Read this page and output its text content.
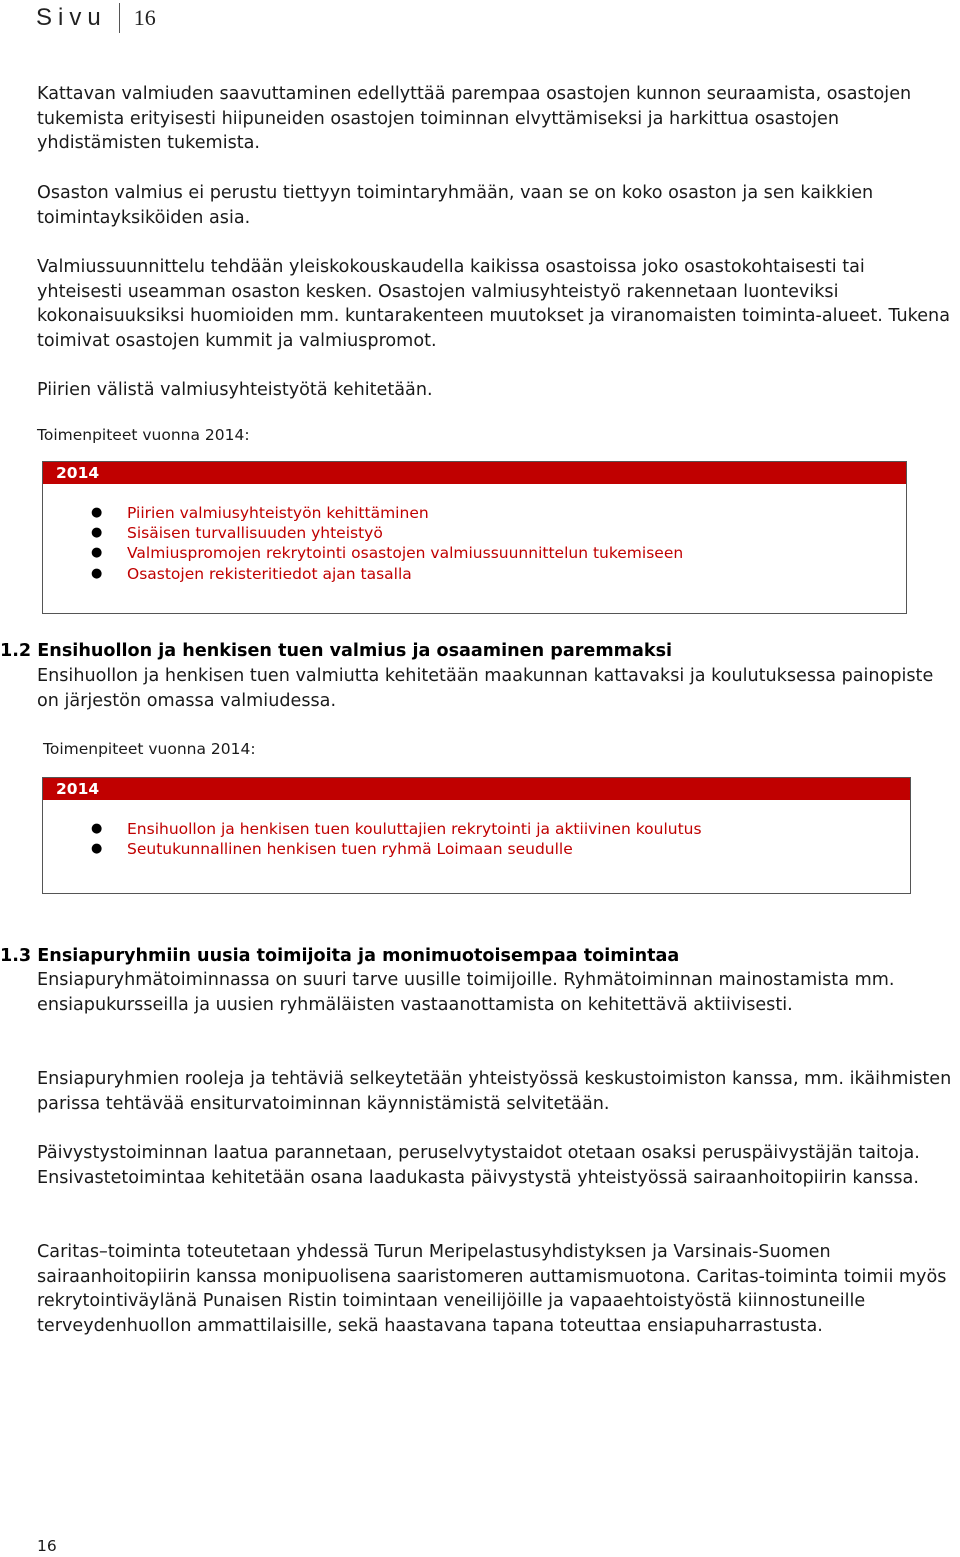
Sivu 16

Kattavan valmiuden saavuttaminen edellyttää parempaa osastojen kunnon seuraamista, osastojen tukemista erityisesti hiipuneiden osastojen toiminnan elvyttämiseksi ja harkittua osastojen yhdistämisten tukemista.

Osaston valmius ei perustu tiettyyn toimintaryhmään, vaan se on koko osaston ja sen kaikkien toimintayksiköiden asia.

Valmiussuunnittelu tehdään yleiskokouskaudella kaikissa osastoissa joko osastokohtaisesti tai yhteisesti useamman osaston kesken. Osastojen valmiusyhteistyö rakennetaan luonteviksi kokonaisuuksiksi huomioiden mm. kuntarakenteen muutokset ja viranomaisten toiminta-alueet. Tukena toimivat osastojen kummit ja valmiuspromot.

Piirien välistä valmiusyhteistyötä kehitetään.

Toimenpiteet vuonna 2014:

2014
● Piirien valmiusyhteistyön kehittäminen
● Sisäisen turvallisuuden yhteistyö
● Valmiuspromojen rekrytointi osastojen valmiussuunnittelun tukemiseen
● Osastojen rekisteritiedot ajan tasalla
1.2 Ensihuollon ja henkisen tuen valmius ja osaaminen paremmaksi

Ensihuollon ja henkisen tuen valmiutta kehitetään maakunnan kattavaksi ja koulutuksessa painopiste on järjestön omassa valmiudessa.

Toimenpiteet vuonna 2014:

2014
● Ensihuollon ja henkisen tuen kouluttajien rekrytointi ja aktiivinen koulutus
● Seutukunnallinen henkisen tuen ryhmä Loimaan seudulle
1.3 Ensiapuryhmiin uusia toimijoita ja monimuotoisempaa toimintaa

Ensiapuryhmätoiminnassa on suuri tarve uusille toimijoille. Ryhmätoiminnan mainostamista mm. ensiapukursseilla ja uusien ryhmäläisten vastaanottamista on kehitettävä aktiivisesti.

Ensiapuryhmien rooleja ja tehtäviä selkeytetään yhteistyössä keskustoimiston kanssa, mm. ikäihmisten parissa tehtävää ensiturvatoiminnan käynnistämistä selvitetään.

Päivystystoiminnan laatua parannetaan, peruselvytystaidot otetaan osaksi peruspäivystäjän taitoja. Ensivastetoimintaa kehitetään osana laadukasta päivystystä yhteistyössä sairaanhoitopiirin kanssa.

Caritas–toiminta toteutetaan yhdessä Turun Meripelastusyhdistyksen ja Varsinais-Suomen sairaanhoitopiirin kanssa monipuolisena saaristomeren auttamismuotona. Caritas-toiminta toimii myös rekrytointiväylänä Punaisen Ristin toimintaan veneilijöille ja vapaaehtoistyöstä kiinnostuneille terveydenhuollon ammattilaisille, sekä haastavana tapana toteuttaa ensiapuharrastusta.

16
